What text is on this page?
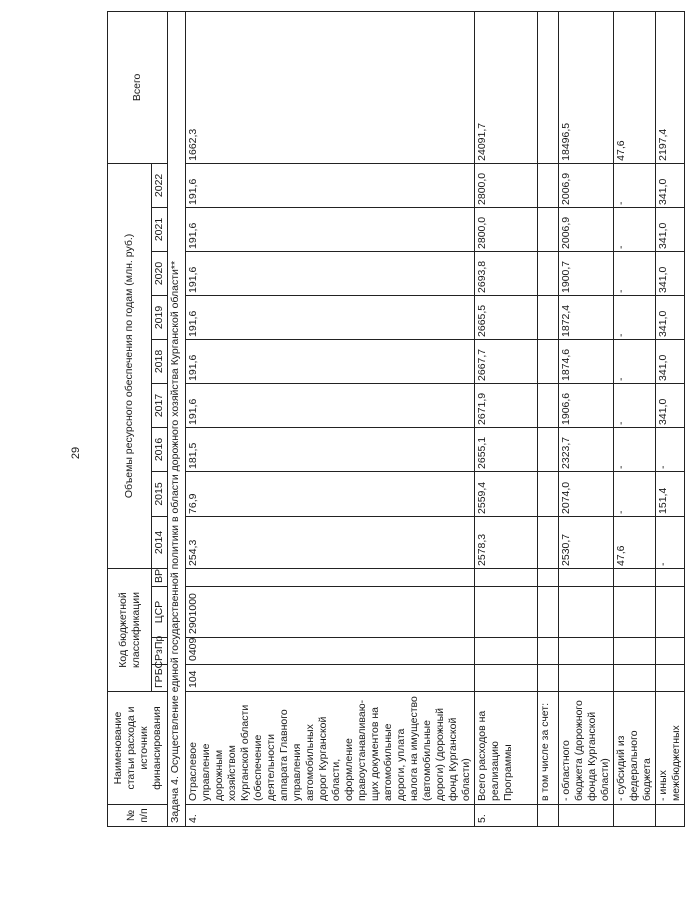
29
№ п/п	Наименование статьи расхода и источник финансирования	Код бюджетной классификации				Объемы ресурсного обеспечения по годам (млн. руб.)									Всего
		ГРБС	РзПр	ЦСР	ВР	2014	2015	2016	2017	2018	2019	2020	2021	2022	
Задача 4. Осуществление единой государственной политики в области дорожного хозяйства Курганской области**															
4.	Отраслевое управление дорожным хозяйством Курганской области (обеспечение деятельности аппарата Главного управления автомобильных дорог Курганской области, оформление правоустанавливаю-щих документов на автомобильные дороги, уплата налога на имущество (автомобильные дороги) (дорожный фонд Курганской области)	104	0409	2901000		254,3	76,9	181,5	191,6	191,6	191,6	191,6	191,6	191,6	1662,3
5.	Всего расходов на реализацию Программы					2578,3	2559,4	2655,1	2671,9	2667,7	2665,5	2693,8	2800,0	2800,0	24091,7
	в том числе за счет:														
	- областного бюджета (дорожного фонда Курганской области)					2530,7	2074,0	2323,7	1906,6	1874,6	1872,4	1900,7	2006,9	2006,9	18496,5
	- субсидий из федерального бюджета					47,6	-	-	-	-	-	-	-	-	47,6
	- иных межбюджетных					-	151,4	-	341,0	341,0	341,0	341,0	341,0	341,0	2197,4
